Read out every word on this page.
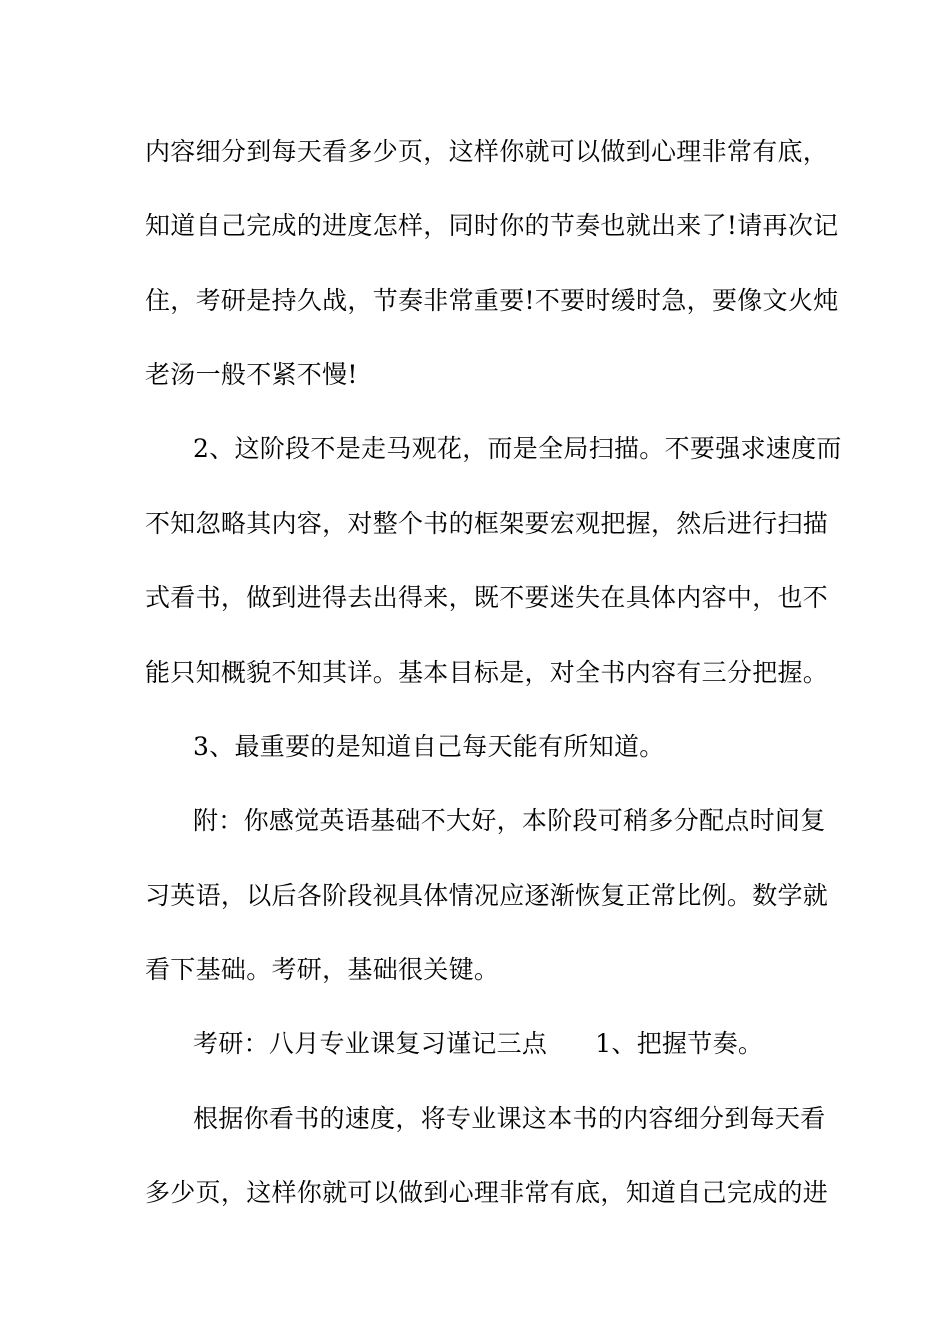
内容细分到每天看多少页，这样你就可以做到心理非常有底，
知道自己完成的进度怎样，同时你的节奏也就出来了!请再次记
住，考研是持久战，节奏非常重要!不要时缓时急，要像文火炖
老汤一般不紧不慢!
2、这阶段不是走马观花，而是全局扫描。不要强求速度而
不知忽略其内容，对整个书的框架要宏观把握，然后进行扫描
式看书，做到进得去出得来，既不要迷失在具体内容中，也不
能只知概貌不知其详。基本目标是，对全书内容有三分把握。
3、最重要的是知道自己每天能有所知道。
附：你感觉英语基础不大好，本阶段可稍多分配点时间复
习英语，以后各阶段视具体情况应逐渐恢复正常比例。数学就
看下基础。考研，基础很关键。
考研：八月专业课复习谨记三点 1、把握节奏。
根据你看书的速度，将专业课这本书的内容细分到每天看
多少页，这样你就可以做到心理非常有底，知道自己完成的进
